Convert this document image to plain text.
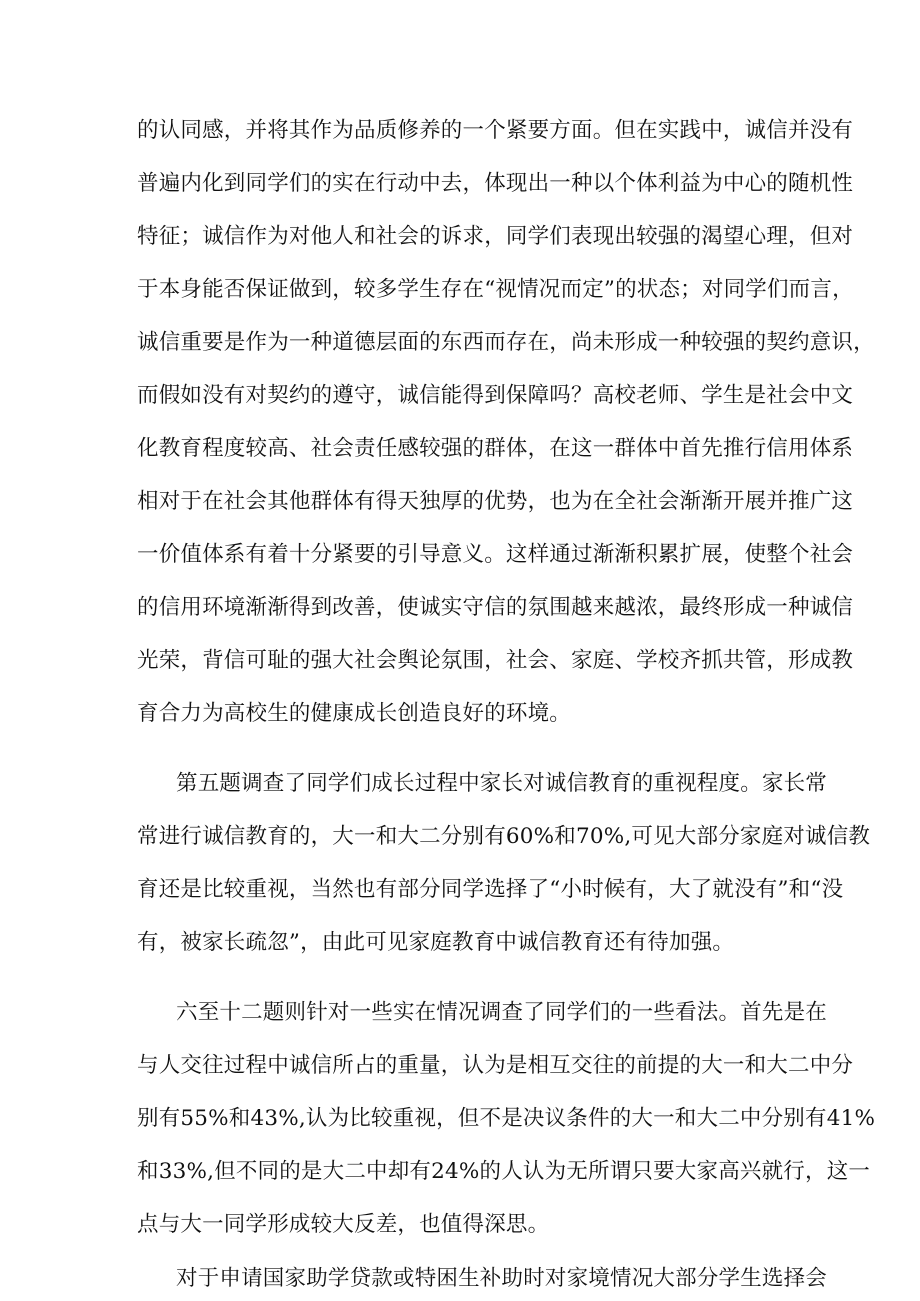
的认同感，并将其作为品质修养的一个紧要方面。但在实践中，诚信并没有
普遍内化到同学们的实在行动中去，体现出一种以个体利益为中心的随机性
特征；诚信作为对他人和社会的诉求，同学们表现出较强的渴望心理，但对
于本身能否保证做到，较多学生存在“视情况而定”的状态；对同学们而言，
诚信重要是作为一种道德层面的东西而存在，尚未形成一种较强的契约意识，
而假如没有对契约的遵守，诚信能得到保障吗？高校老师、学生是社会中文
化教育程度较高、社会责任感较强的群体，在这一群体中首先推行信用体系
相对于在社会其他群体有得天独厚的优势，也为在全社会渐渐开展并推广这
一价值体系有着十分紧要的引导意义。这样通过渐渐积累扩展，使整个社会
的信用环境渐渐得到改善，使诚实守信的氛围越来越浓，最终形成一种诚信
光荣，背信可耻的强大社会舆论氛围，社会、家庭、学校齐抓共管，形成教
育合力为高校生的健康成长创造良好的环境。
第五题调查了同学们成长过程中家长对诚信教育的重视程度。家长常
常进行诚信教育的，大一和大二分别有60%和70%,可见大部分家庭对诚信教
育还是比较重视，当然也有部分同学选择了“小时候有，大了就没有”和“没
有，被家长疏忽”，由此可见家庭教育中诚信教育还有待加强。
六至十二题则针对一些实在情况调查了同学们的一些看法。首先是在
与人交往过程中诚信所占的重量，认为是相互交往的前提的大一和大二中分
别有55%和43%,认为比较重视，但不是决议条件的大一和大二中分别有41%
和33%,但不同的是大二中却有24%的人认为无所谓只要大家高兴就行，这一
点与大一同学形成较大反差，也值得深思。
对于申请国家助学贷款或特困生补助时对家境情况大部分学生选择会
